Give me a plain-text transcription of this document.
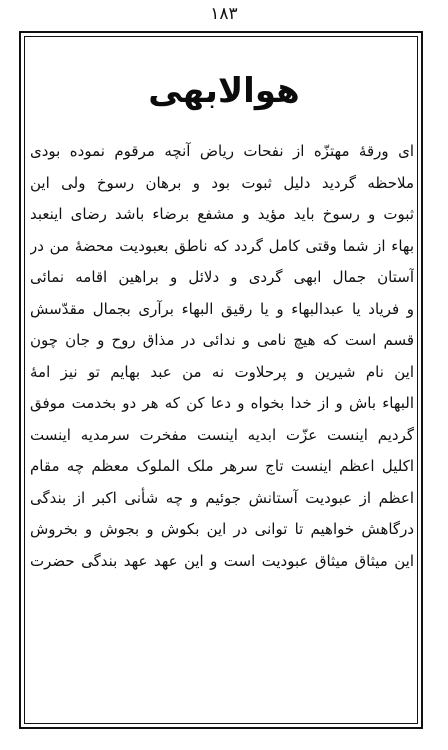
۱۸۳
هوالابهی
ای ورقۀ مهتزّه از نفحات ریاض آنچه مرقوم نموده بودی
ملاحظه گردید دلیل ثبوت بود و برهان رسوخ ولی این
ثبوت و رسوخ باید مؤید و مشفع برضاء باشد رضای اینعبد
بهاء از شما وقتی کامل گردد که ناطق بعبودیت محضۀ من در
آستان جمال ابهی گردی و دلائل و براهین اقامه نمائی
و فریاد یا عبدالبهاء و یا رقیق البهاء برآری بجمال مقدّسش
قسم است که هیچ نامی و ندائی در مذاق روح و جان چون
این نام شیرین و پرحلاوت نه من عبد بهایم تو نیز امۀ
البهاء باش و از خدا بخواه و دعا کن که هر دو بخدمت موفق
گردیم اینست عزّت ابدیه اینست مفخرت سرمدیه اینست
اکلیل اعظم اینست تاج سرهر ملک الملوک معظم چه مقام
اعظم از عبودیت آستانش جوئیم و چه شأنی اکبر از بندگی
درگاهش خواهیم تا توانی در این بکوش و بجوش و بخروش
این میثاق میثاق عبودیت است و این عهد عهد بندگی حضرت
